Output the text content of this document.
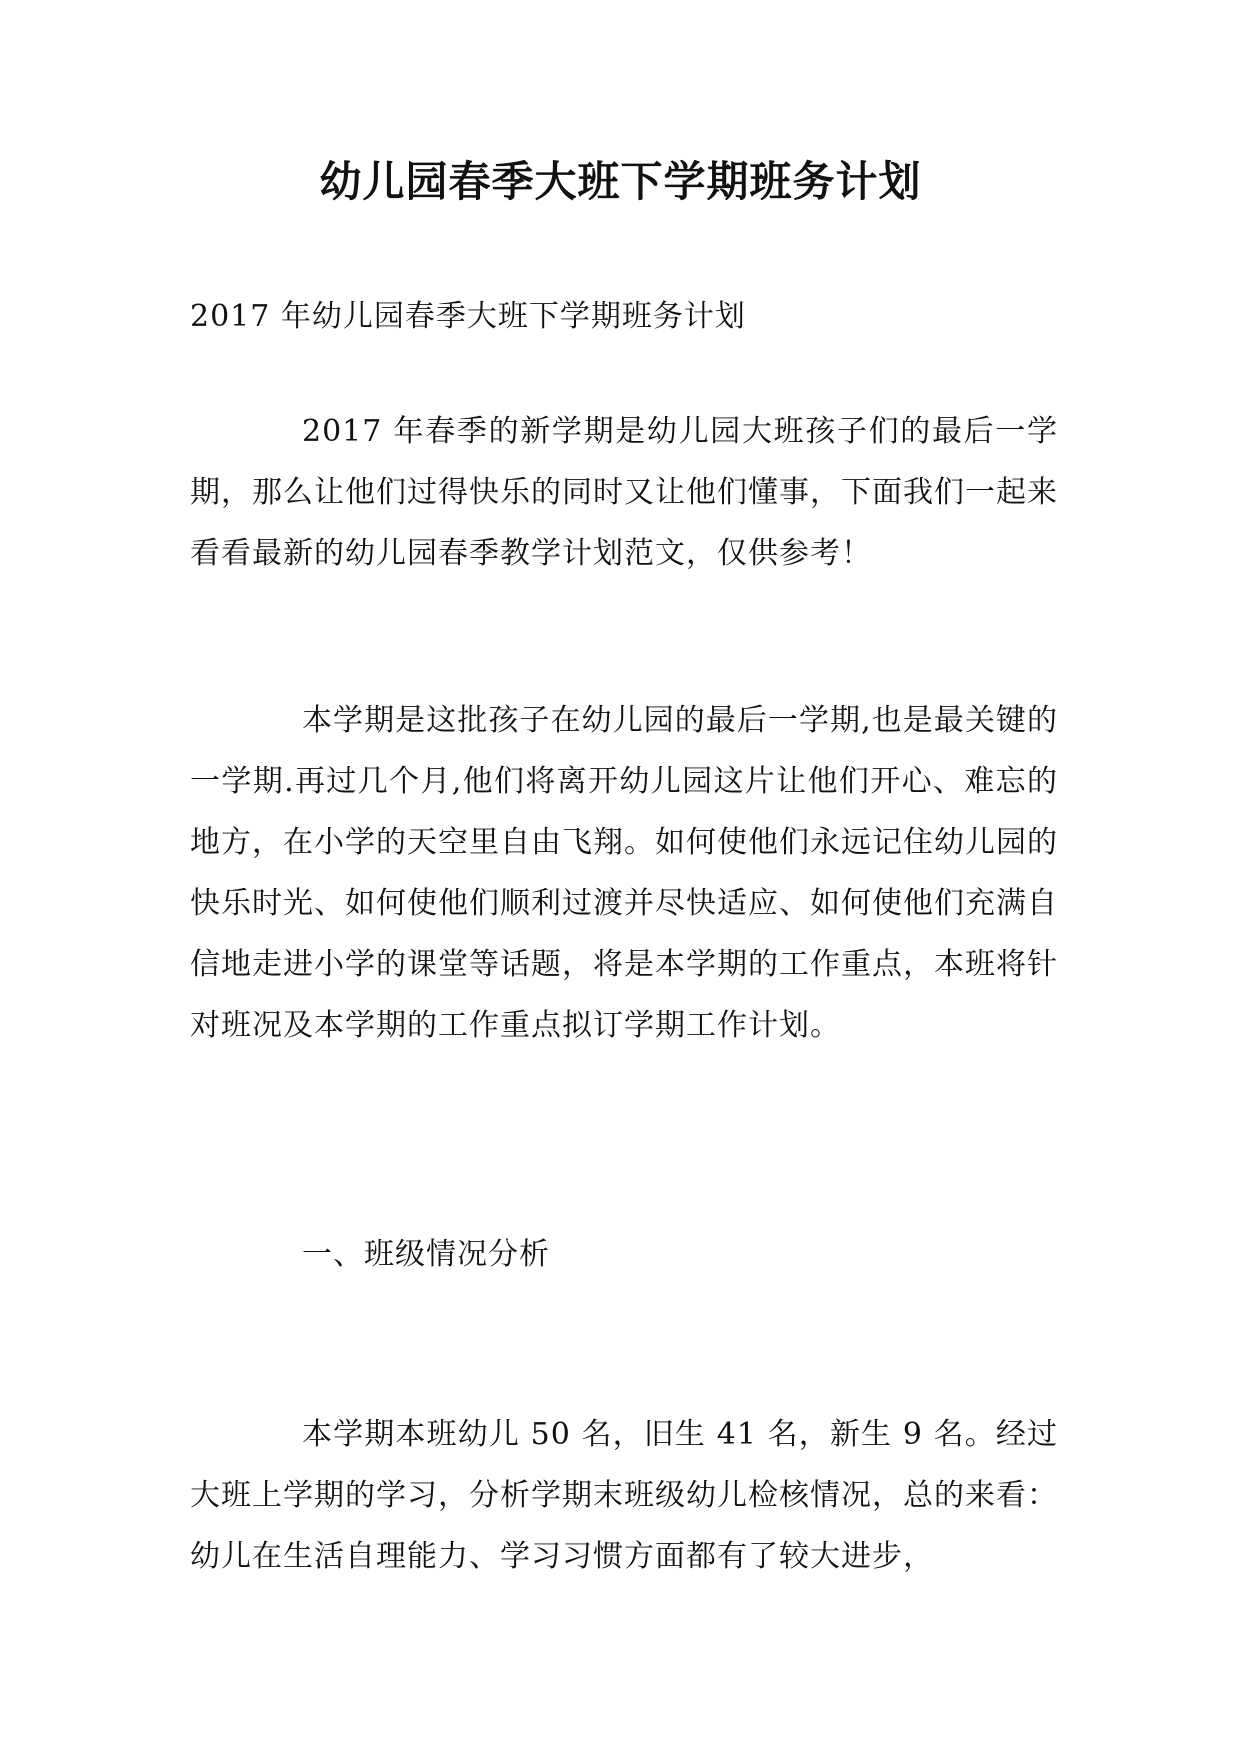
幼儿园春季大班下学期班务计划

2017 年幼儿园春季大班下学期班务计划

2017 年春季的新学期是幼儿园大班孩子们的最后一学期，那么让他们过得快乐的同时又让他们懂事，下面我们一起来看看最新的幼儿园春季教学计划范文，仅供参考！

本学期是这批孩子在幼儿园的最后一学期,也是最关键的一学期.再过几个月,他们将离开幼儿园这片让他们开心、难忘的地方，在小学的天空里自由飞翔。如何使他们永远记住幼儿园的快乐时光、如何使他们顺利过渡并尽快适应、如何使他们充满自信地走进小学的课堂等话题，将是本学期的工作重点，本班将针对班况及本学期的工作重点拟订学期工作计划。

一、班级情况分析

本学期本班幼儿 50 名，旧生 41 名，新生 9 名。经过大班上学期的学习，分析学期末班级幼儿检核情况，总的来看：幼儿在生活自理能力、学习习惯方面都有了较大进步，
